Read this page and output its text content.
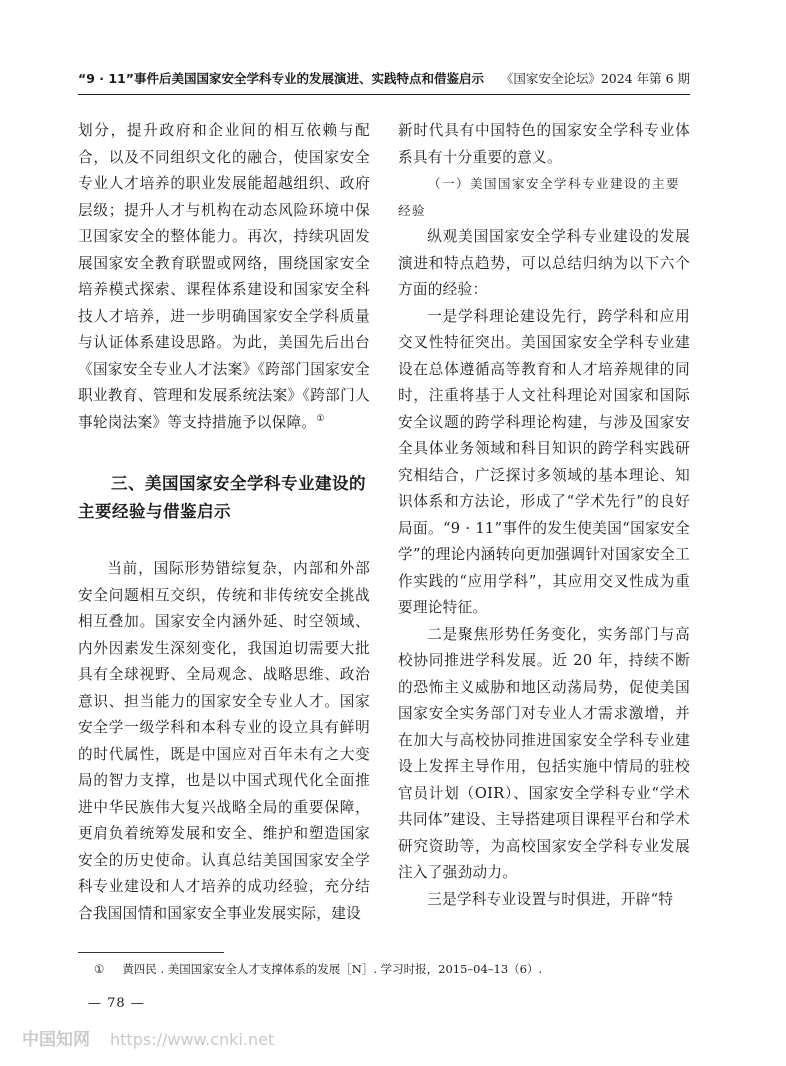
“9 · 11”事件后美国国家安全学科专业的发展演进、实践特点和借鉴启示 《国家安全论坛》2024 年第 6 期

划分，提升政府和企业间的相互依赖与配合，以及不同组织文化的融合，使国家安全专业人才培养的职业发展能超越组织、政府层级；提升人才与机构在动态风险环境中保卫国家安全的整体能力。再次，持续巩固发展国家安全教育联盟或网络，围绕国家安全培养模式探索、课程体系建设和国家安全科技人才培养，进一步明确国家安全学科质量与认证体系建设思路。为此，美国先后出台《国家安全专业人才法案》《跨部门国家安全职业教育、管理和发展系统法案》《跨部门人事轮岗法案》等支持措施予以保障。①

三、美国国家安全学科专业建设的主要经验与借鉴启示

当前，国际形势错综复杂，内部和外部安全问题相互交织，传统和非传统安全挑战相互叠加。国家安全内涵外延、时空领域、内外因素发生深刻变化，我国迫切需要大批具有全球视野、全局观念、战略思维、政治意识、担当能力的国家安全专业人才。国家安全学一级学科和本科专业的设立具有鲜明的时代属性，既是中国应对百年未有之大变局的智力支撑，也是以中国式现代化全面推进中华民族伟大复兴战略全局的重要保障，更肩负着统筹发展和安全、维护和塑造国家安全的历史使命。认真总结美国国家安全学科专业建设和人才培养的成功经验，充分结合我国国情和国家安全事业发展实际，建设

新时代具有中国特色的国家安全学科专业体系具有十分重要的意义。

（一）美国国家安全学科专业建设的主要经验

纵观美国国家安全学科专业建设的发展演进和特点趋势，可以总结归纳为以下六个方面的经验：

一是学科理论建设先行，跨学科和应用交叉性特征突出。美国国家安全学科专业建设在总体遵循高等教育和人才培养规律的同时，注重将基于人文社科理论对国家和国际安全议题的跨学科理论构建，与涉及国家安全具体业务领域和科目知识的跨学科实践研究相结合，广泛探讨多领域的基本理论、知识体系和方法论，形成了“学术先行”的良好局面。“9 · 11”事件的发生使美国“国家安全学”的理论内涵转向更加强调针对国家安全工作实践的“应用学科”，其应用交叉性成为重要理论特征。

二是聚焦形势任务变化，实务部门与高校协同推进学科发展。近 20 年，持续不断的恐怖主义威胁和地区动荡局势，促使美国国家安全实务部门对专业人才需求激增，并在加大与高校协同推进国家安全学科专业建设上发挥主导作用，包括实施中情局的驻校官员计划（OIR）、国家安全学科专业“学术共同体”建设、主导搭建项目课程平台和学术研究资助等，为高校国家安全学科专业发展注入了强劲动力。

三是学科专业设置与时俱进，开辟“特

① 黄四民 . 美国国家安全人才支撑体系的发展［N］. 学习时报，2015–04–13（6）.
— 78 —
中国知网 https://www.cnki.net
